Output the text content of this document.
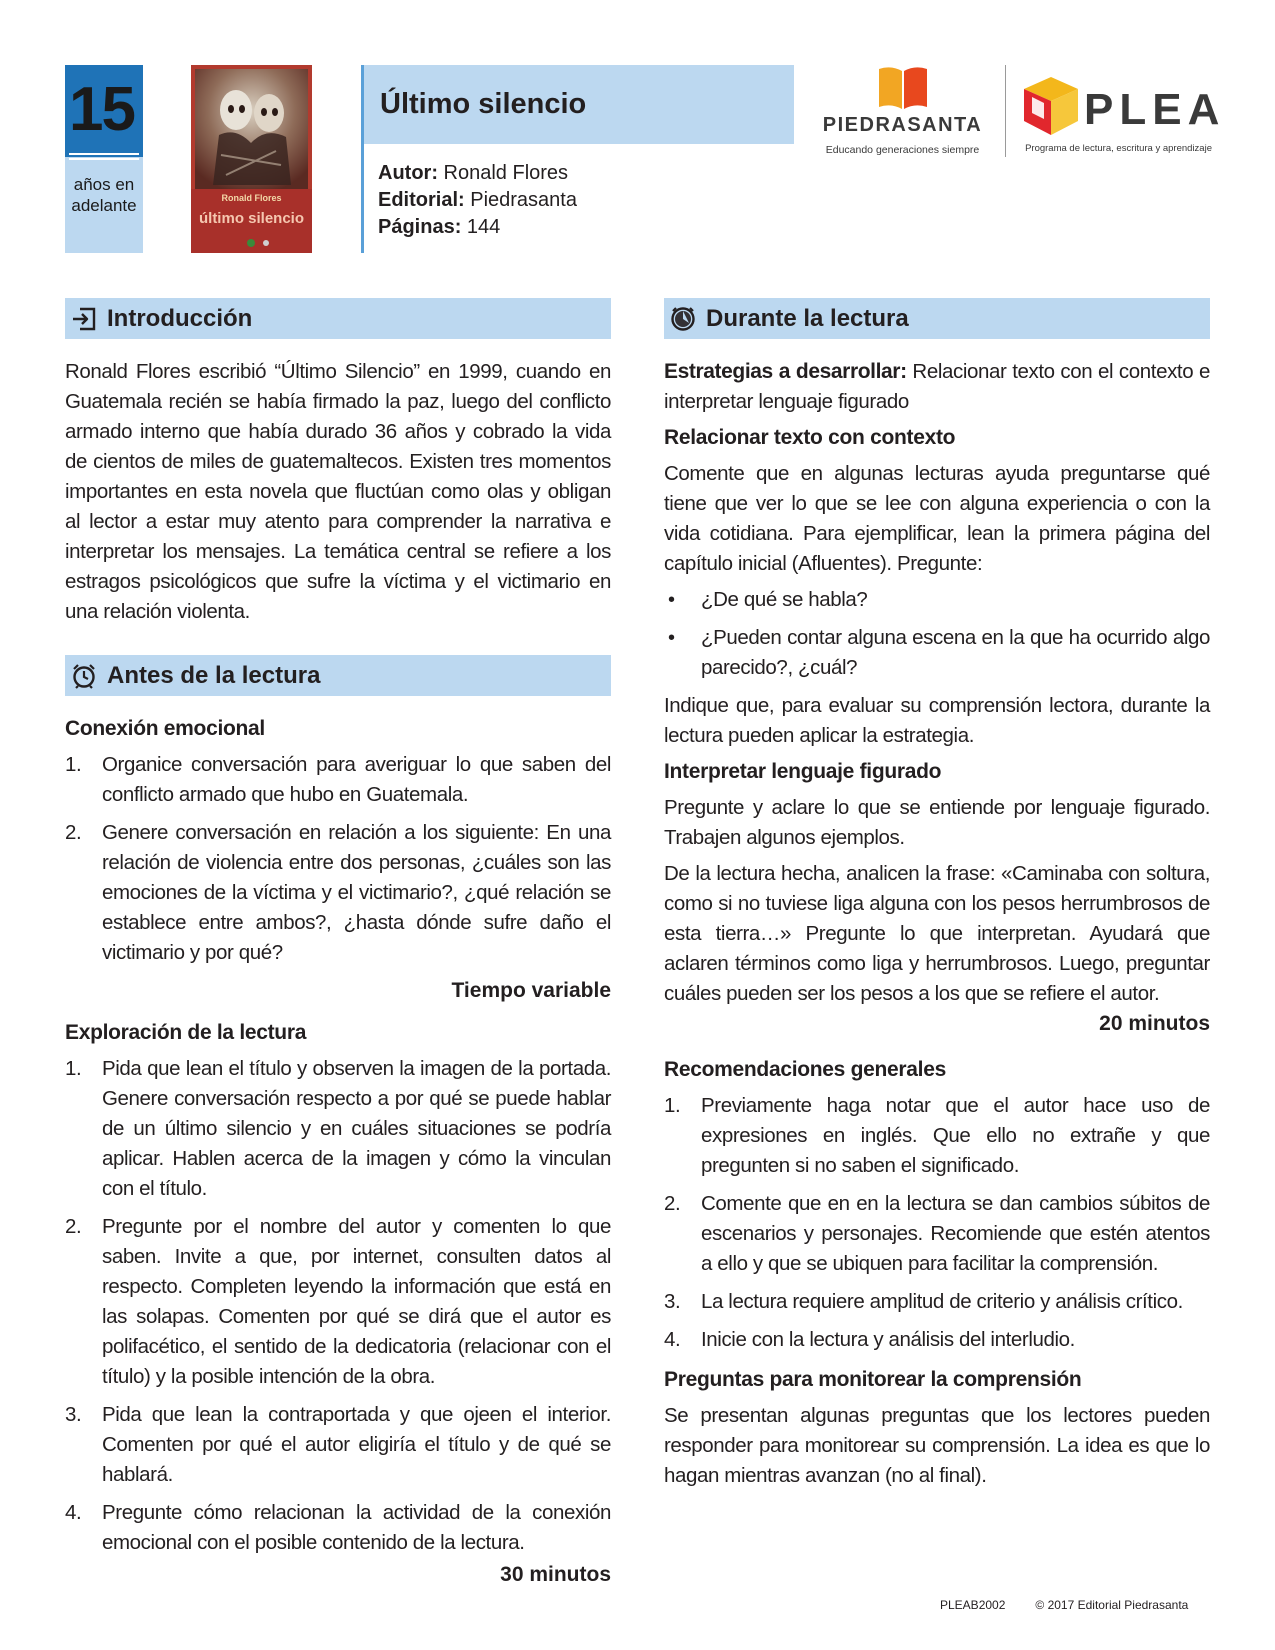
15
años en
adelante	Ronald Flores
último silencio
Último silencio
Autor: Ronald Flores
Editorial: Piedrasanta
Páginas: 144
PIEDRASANTA
Educando generaciones siempre
PLEA
Programa de lectura, escritura y aprendizaje
Introducción

Ronald Flores escribió “Último Silencio” en 1999, cuando en Guatemala recién se había firmado la paz, luego del conflicto armado interno que había durado 36 años y cobrado la vida de cientos de miles de guatemaltecos. Existen tres momentos importantes en esta novela que fluctúan como olas y obligan al lector a estar muy atento para comprender la narrativa e interpretar los mensajes. La temática central se refiere a los estragos psicológicos que sufre la víctima y el victimario en una relación violenta.

Antes de la lectura

Conexión emocional

1. Organice conversación para averiguar lo que saben del conflicto armado que hubo en Guatemala.
2. Genere conversación en relación a los siguiente: En una relación de violencia entre dos personas, ¿cuáles son las emociones de la víctima y el victimario?, ¿qué relación se establece entre ambos?, ¿hasta dónde sufre daño el victimario y por qué?

Tiempo variable

Exploración de la lectura

1. Pida que lean el título y observen la imagen de la portada. Genere conversación respecto a por qué se puede hablar de un último silencio y en cuáles situaciones se podría aplicar. Hablen acerca de la imagen y cómo la vinculan con el título.
2. Pregunte por el nombre del autor y comenten lo que saben. Invite a que, por internet, consulten datos al respecto. Completen leyendo la información que está en las solapas. Comenten por qué se dirá que el autor es polifacético, el sentido de la dedicatoria (relacionar con el título) y la posible intención de la obra.
3. Pida que lean la contraportada y que ojeen el interior. Comenten por qué el autor eligiría el título y de qué se hablará.
4. Pregunte cómo relacionan la actividad de la conexión emocional con el posible contenido de la lectura.

30 minutos

Durante la lectura

Estrategias a desarrollar: Relacionar texto con el contexto e interpretar lenguaje figurado

Relacionar texto con contexto

Comente que en algunas lecturas ayuda preguntarse qué tiene que ver lo que se lee con alguna experiencia o con la vida cotidiana. Para ejemplificar, lean la primera página del capítulo inicial (Afluentes). Pregunte:

• ¿De qué se habla?
• ¿Pueden contar alguna escena en la que ha ocurrido algo parecido?, ¿cuál?

Indique que, para evaluar su comprensión lectora, durante la lectura pueden aplicar la estrategia.

Interpretar lenguaje figurado

Pregunte y aclare lo que se entiende por lenguaje figurado. Trabajen algunos ejemplos.

De la lectura hecha, analicen la frase: «Caminaba con soltura, como si no tuviese liga alguna con los pesos herrumbrosos de esta tierra…» Pregunte lo que interpretan. Ayudará que aclaren términos como liga y herrumbrosos. Luego, preguntar cuáles pueden ser los pesos a los que se refiere el autor.

20 minutos

Recomendaciones generales

1. Previamente haga notar que el autor hace uso de expresiones en inglés. Que ello no extrañe y que pregunten si no saben el significado.
2. Comente que en en la lectura se dan cambios súbitos de escenarios y personajes. Recomiende que estén atentos a ello y que se ubiquen para facilitar la comprensión.
3. La lectura requiere amplitud de criterio y análisis crítico.
4. Inicie con la lectura y análisis del interludio.

Preguntas para monitorear la comprensión

Se presentan algunas preguntas que los lectores pueden responder para monitorear su comprensión. La idea es que lo hagan mientras avanzan (no al final).

PLEAB2002	© 2017 Editorial Piedrasanta
